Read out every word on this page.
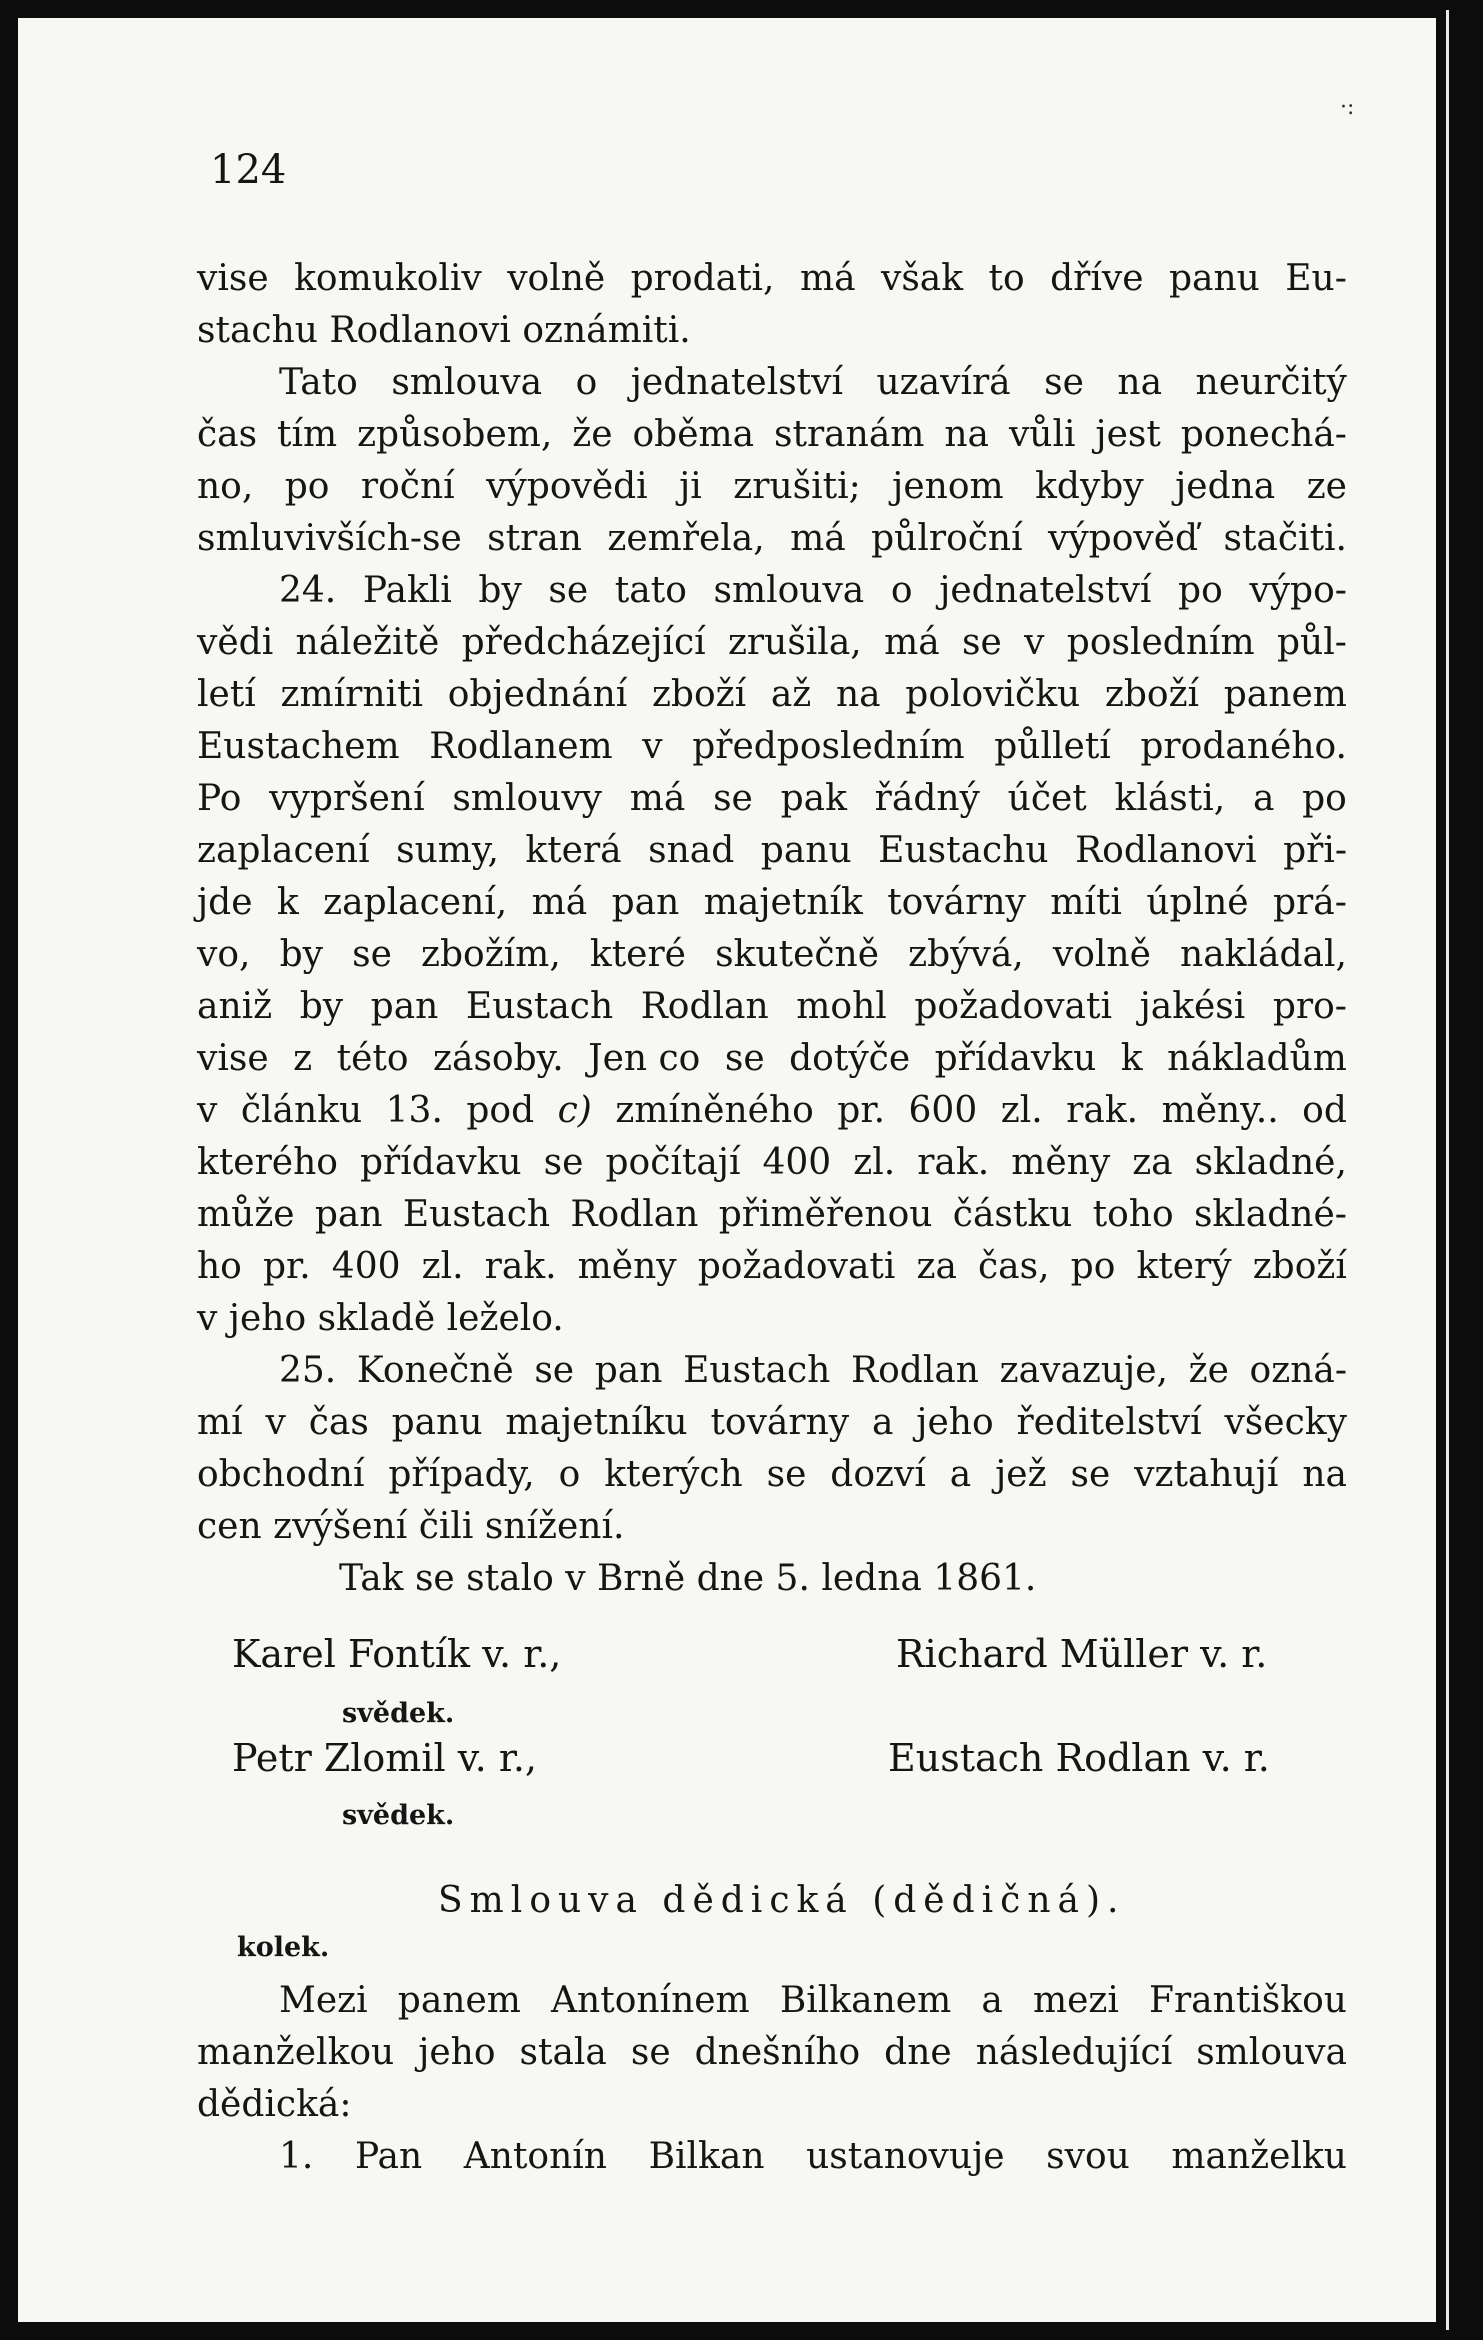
·:
124
vise komukoliv volně prodati, má však to dříve panu Eu-
stachu
Rodlanovi
oznámiti.
Tato smlouva o jednatelství uzavírá se na neurčitý
čas tím způsobem, že oběma stranám na vůli jest ponechá-
no, po roční výpovědi ji zrušiti; jenom kdyby jedna ze
smluvivších-se stran zemřela, má půlroční výpověď stačiti.
24. Pakli by se tato smlouva o jednatelství po výpo-
vědi náležitě předcházející zrušila, má se v posledním půl-
letí zmírniti objednání zboží až na polovičku zboží panem
Eustachem Rodlanem v předposledním půlletí prodaného.
Po vypršení smlouvy má se pak řádný účet klásti, a po
zaplacení sumy, která snad panu Eustachu Rodlanovi při-
jde k zaplacení, má pan majetník továrny míti úplné prá-
vo, by se zbožím, které skutečně zbývá, volně nakládal,
aniž by pan Eustach Rodlan mohl požadovati jakési pro-
vise z této zásoby. Jen co se dotýče přídavku k nákladům
v článku 13. pod c) zmíněného pr. 600 zl. rak. měny.. od
kterého přídavku se počítají 400 zl. rak. měny za skladné,
může pan Eustach Rodlan přiměřenou částku toho skladné-
ho pr. 400 zl. rak. měny požadovati za čas, po který zboží
v
jeho
skladě
leželo.
25. Konečně se pan Eustach Rodlan zavazuje, že ozná-
mí v čas panu majetníku továrny a jeho ředitelství všecky
obchodní případy, o kterých se dozví a jež se vztahují na
cen
zvýšení
čili
snížení.
Tak se stalo v Brně dne 5. ledna 1861.
Karel Fontík v. r.,	Richard Müller v. r.
svědek.
Petr Zlomil v. r.,	Eustach Rodlan v. r.
svědek.
Smlouva dědická (dědičná).
kolek.
Mezi panem Antonínem Bilkanem a mezi Františkou
manželkou jeho stala se dnešního dne následující smlouva
dědická:
1. Pan Antonín Bilkan ustanovuje svou manželku
